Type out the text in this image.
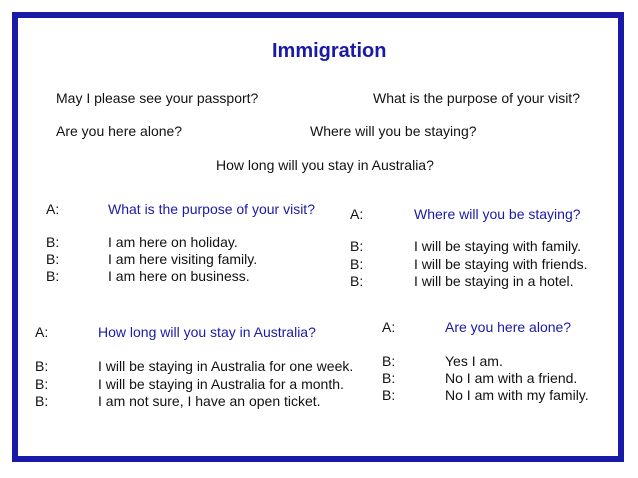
Immigration
May I please see your passport?	What is the purpose of your visit?
Are you here alone?	Where will you be staying?
How long will you stay in Australia?
A:	What is the purpose of your visit?
B:	I am here on holiday.
B:	I am here visiting family.
B:	I am here on business.
A:	Where will you be staying?
B:	I will be staying with family.
B:	I will be staying with friends.
B:	I will be staying in a hotel.
A:	How long will you stay in Australia?
B:	I will be staying in Australia for one week.
B:	I will be staying in Australia for a month.
B:	I am not sure, I have an open ticket.
A:	Are you here alone?
B:	Yes I am.
B:	No I am with a friend.
B:	No I am with my family.
